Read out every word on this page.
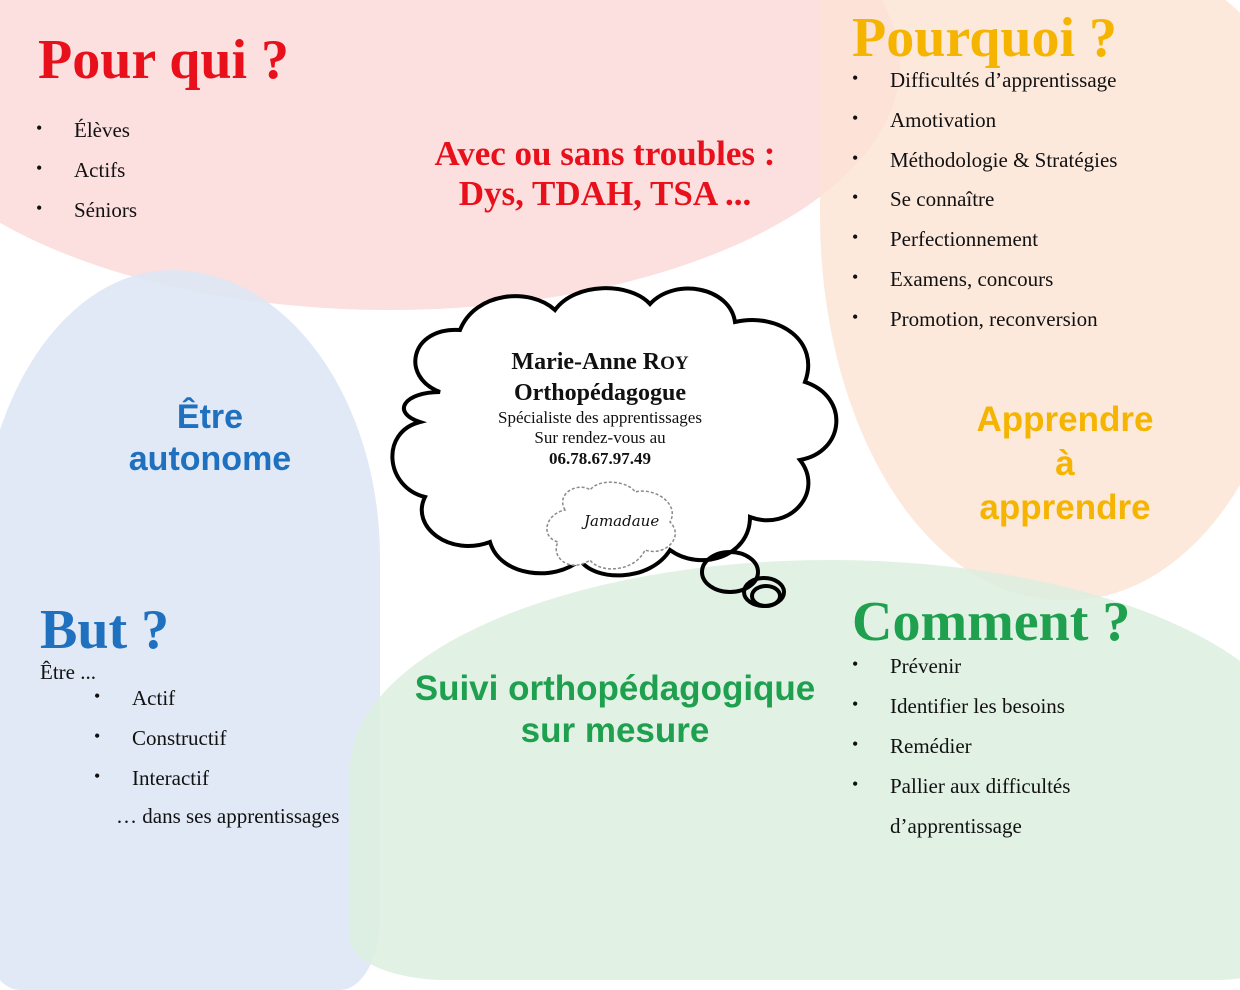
Pour qui ?
• Élèves
• Actifs
• Séniors
Avec ou sans troubles :
Dys, TDAH, TSA ...
Pourquoi ?
• Difficultés d’apprentissage
• Amotivation
• Méthodologie & Stratégies
• Se connaître
• Perfectionnement
• Examens, concours
• Promotion, reconversion
Être
autonome
Apprendre
à
apprendre
Marie-Anne ROY
Orthopédagogue
Spécialiste des apprentissages
Sur rendez-vous au
06.78.67.97.49
Jamadaue
But ?
Être ...
• Actif
• Constructif
• Interactif
… dans ses apprentissages
Suivi orthopédagogique
sur mesure
Comment ?
• Prévenir
• Identifier les besoins
• Remédier
• Pallier aux difficultés
d’apprentissage
